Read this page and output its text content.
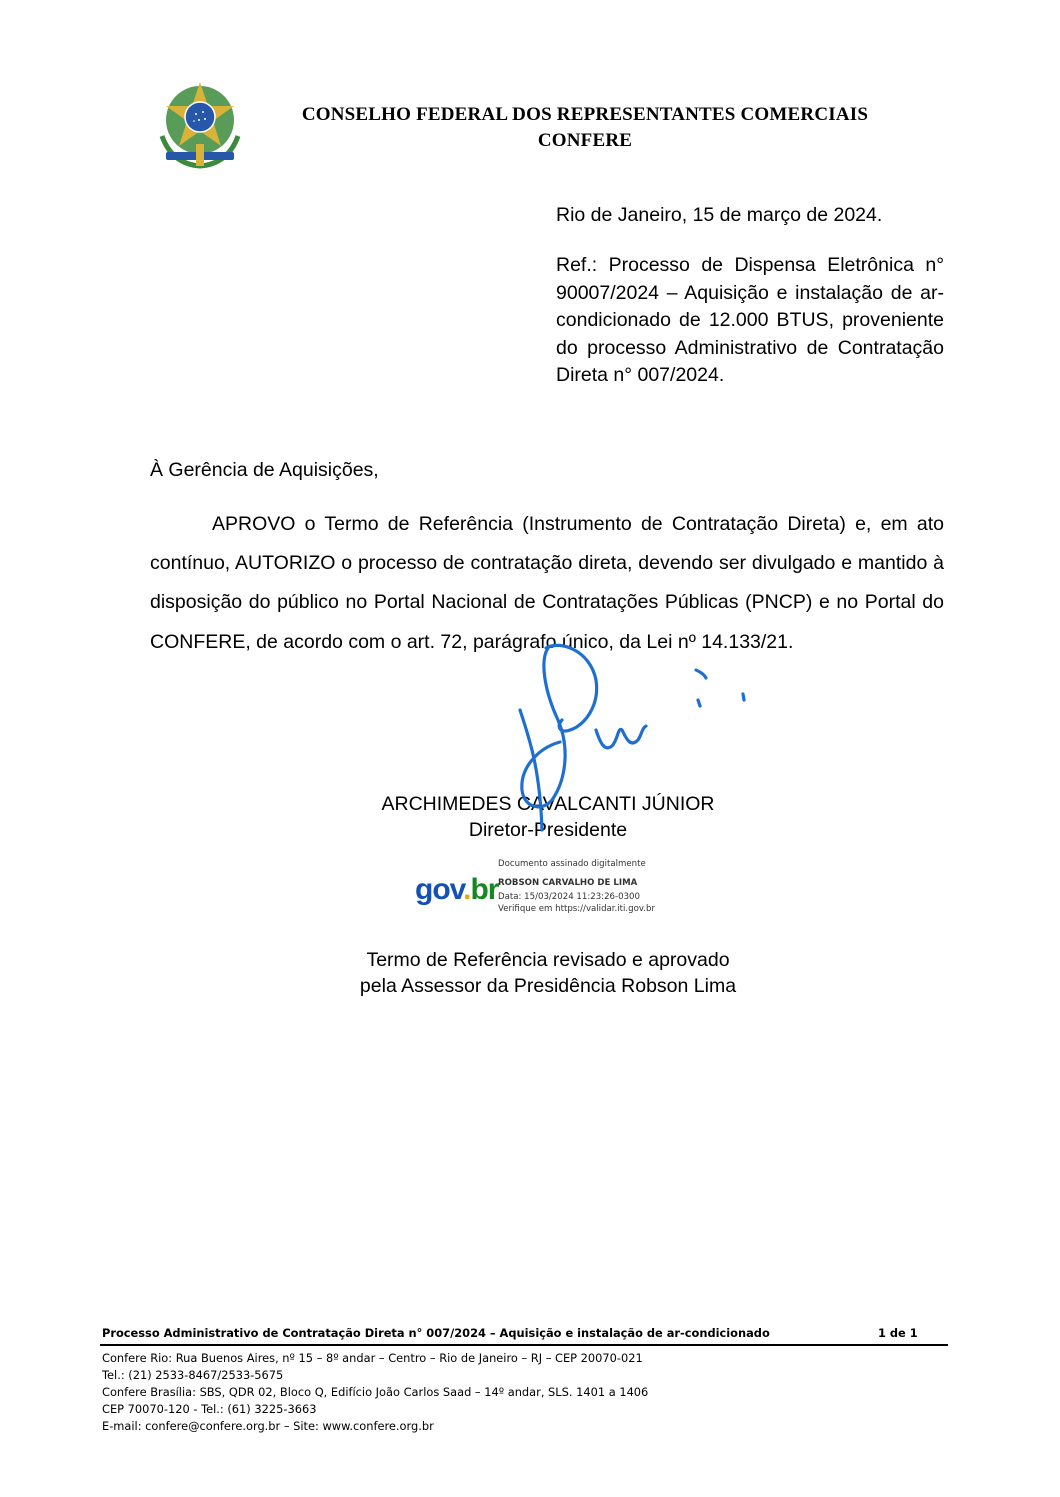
CONSELHO FEDERAL DOS REPRESENTANTES COMERCIAIS
CONFERE
Rio de Janeiro, 15 de março de 2024.
Ref.: Processo de Dispensa Eletrônica n° 90007/2024 – Aquisição e instalação de ar-condicionado de 12.000 BTUS, proveniente do processo Administrativo de Contratação Direta n° 007/2024.
À Gerência de Aquisições,
APROVO o Termo de Referência (Instrumento de Contratação Direta) e, em ato contínuo, AUTORIZO o processo de contratação direta, devendo ser divulgado e mantido à disposição do público no Portal Nacional de Contratações Públicas (PNCP) e no Portal do CONFERE, de acordo com o art. 72, parágrafo único, da Lei nº 14.133/21.
ARCHIMEDES CAVALCANTI JÚNIOR
Diretor-Presidente
gov.br
Documento assinado digitalmente
ROBSON CARVALHO DE LIMA
Data: 15/03/2024 11:23:26-0300
Verifique em https://validar.iti.gov.br
Termo de Referência revisado e aprovado
pela Assessor da Presidência Robson Lima
Processo Administrativo de Contratação Direta n° 007/2024 – Aquisição e instalação de ar-condicionado	1 de 1
Confere Rio: Rua Buenos Aires, nº 15 – 8º andar – Centro – Rio de Janeiro – RJ – CEP 20070-021
Tel.: (21) 2533-8467/2533-5675
Confere Brasília: SBS, QDR 02, Bloco Q, Edifício João Carlos Saad – 14º andar, SLS. 1401 a 1406
CEP 70070-120 - Tel.: (61) 3225-3663
E-mail: confere@confere.org.br – Site: www.confere.org.br
